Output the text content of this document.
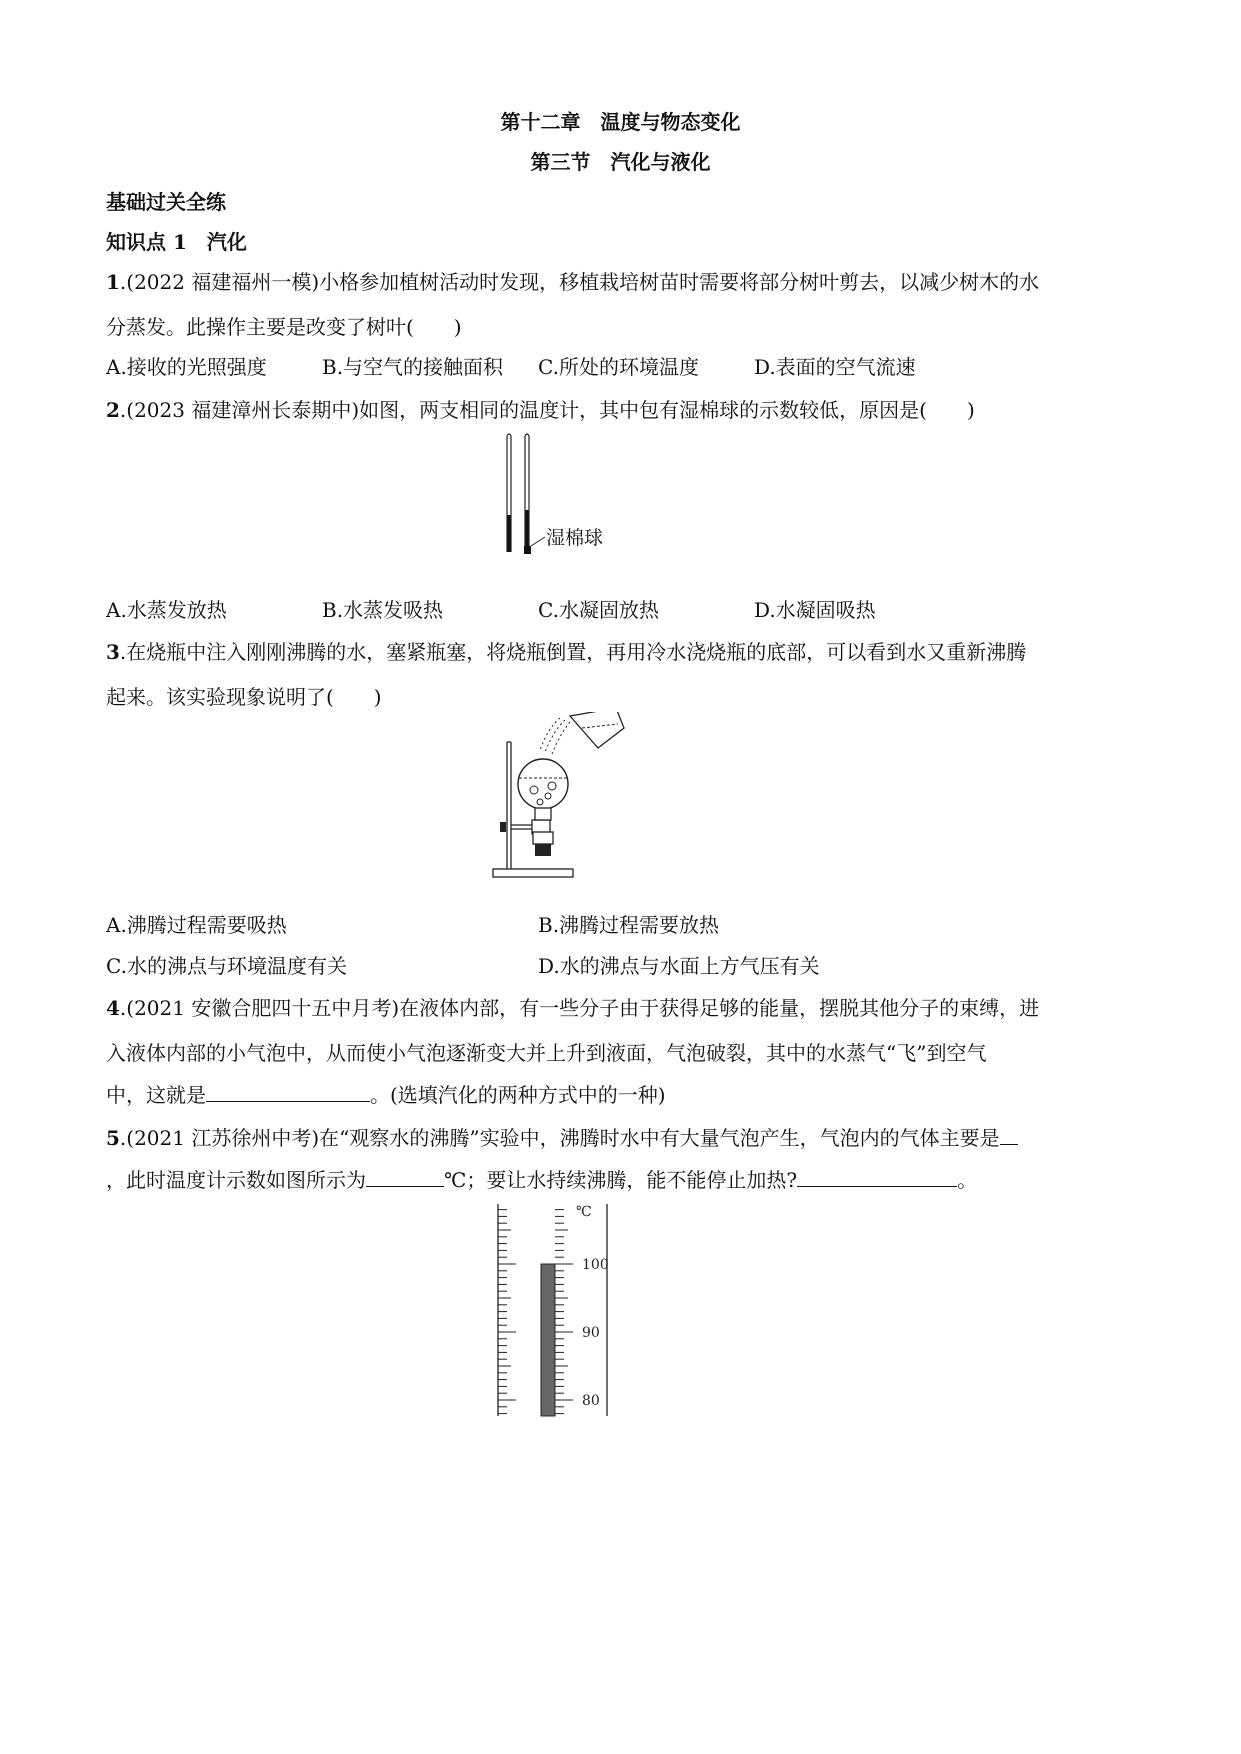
第十二章　温度与物态变化
第三节　汽化与液化
基础过关全练
知识点 1　汽化
1.(2022 福建福州一模)小格参加植树活动时发现，移植栽培树苗时需要将部分树叶剪去，以减少树木的水
分蒸发。此操作主要是改变了树叶(　　)
A.接收的光照强度	B.与空气的接触面积 C.所处的环境温度	D.表面的空气流速
2.(2023 福建漳州长泰期中)如图，两支相同的温度计，其中包有湿棉球的示数较低，原因是(　　)
湿棉球
A.水蒸发放热	B.水蒸发吸热	C.水凝固放热	D.水凝固吸热
3.在烧瓶中注入刚刚沸腾的水，塞紧瓶塞，将烧瓶倒置，再用冷水浇烧瓶的底部，可以看到水又重新沸腾
起来。该实验现象说明了(　　)
A.沸腾过程需要吸热	B.沸腾过程需要放热
C.水的沸点与环境温度有关	D.水的沸点与水面上方气压有关
4.(2021 安徽合肥四十五中月考)在液体内部，有一些分子由于获得足够的能量，摆脱其他分子的束缚，进
入液体内部的小气泡中，从而使小气泡逐渐变大并上升到液面，气泡破裂，其中的水蒸气“飞”到空气
中，这就是	。(选填汽化的两种方式中的一种)
5.(2021 江苏徐州中考)在“观察水的沸腾”实验中，沸腾时水中有大量气泡产生，气泡内的气体主要是
，此时温度计示数如图所示为	℃；要让水持续沸腾，能不能停止加热?	。
℃
100
90
80
